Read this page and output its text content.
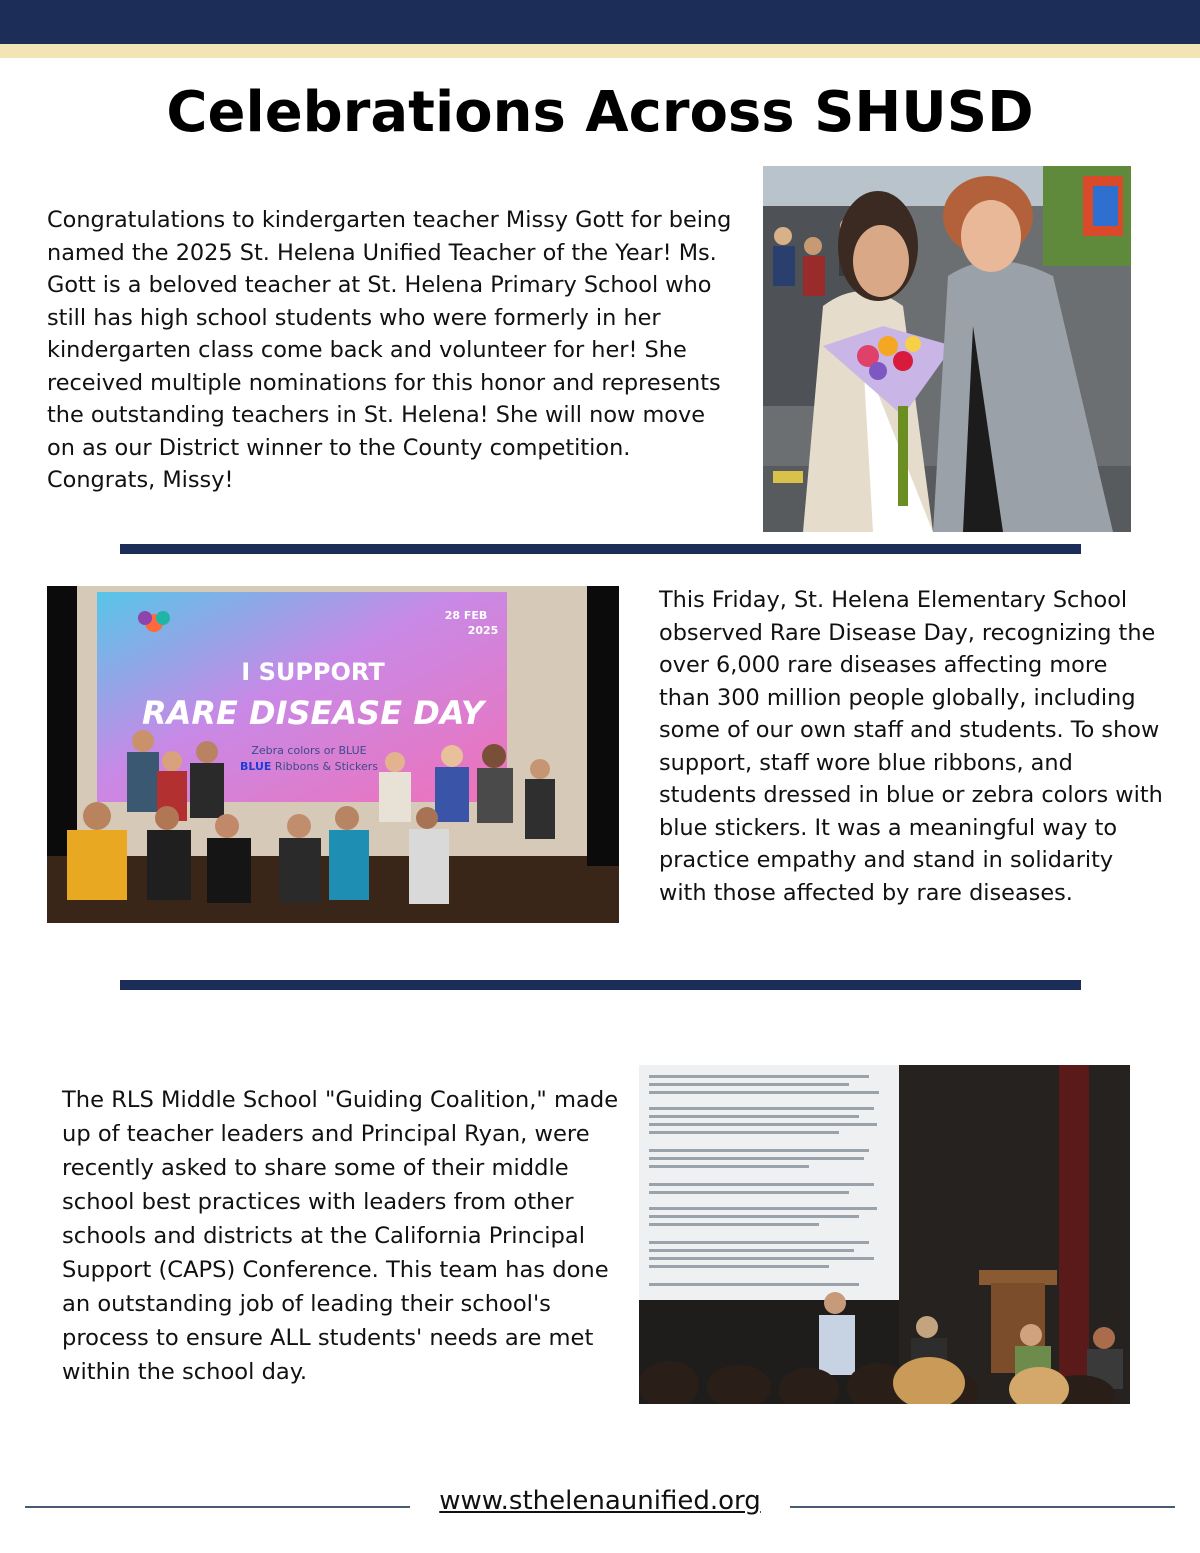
Celebrations Across SHUSD

Congratulations to kindergarten teacher Missy Gott for being named the 2025 St. Helena Unified Teacher of the Year! Ms. Gott is a beloved teacher at St. Helena Primary School who still has high school students who were formerly in her kindergarten class come back and volunteer for her! She received multiple nominations for this honor and represents the outstanding teachers in St. Helena! She will now move on as our District winner to the County competition. Congrats, Missy!

28 FEB
2025
I SUPPORT
RARE DISEASE DAY
Zebra colors or BLUE
BLUE Ribbons & Stickers

This Friday, St. Helena Elementary School observed Rare Disease Day, recognizing the over 6,000 rare diseases affecting more than 300 million people globally, including some of our own staff and students. To show support, staff wore blue ribbons, and students dressed in blue or zebra colors with blue stickers. It was a meaningful way to practice empathy and stand in solidarity with those affected by rare diseases.

The RLS Middle School "Guiding Coalition," made up of teacher leaders and Principal Ryan, were recently asked to share some of their middle school best practices with leaders from other schools and districts at the California Principal Support (CAPS) Conference. This team has done an outstanding job of leading their school's process to ensure ALL students' needs are met within the school day.

www.sthelenaunified.org
